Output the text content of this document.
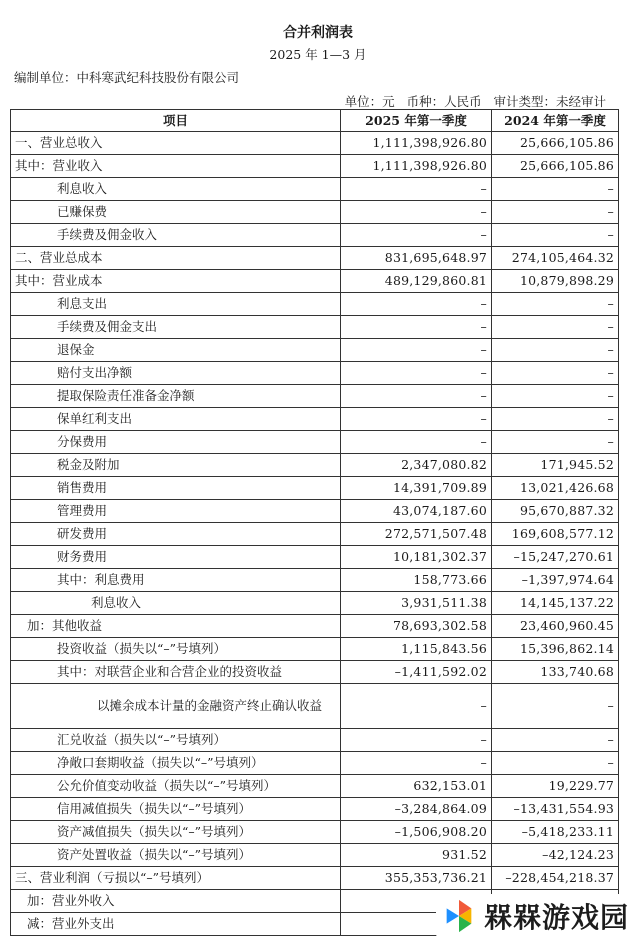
合并利润表
2025 年 1—3 月
编制单位：中科寒武纪科技股份有限公司
单位：元   币种：人民币   审计类型：未经审计
项目	2025 年第一季度	2024 年第一季度
一、营业总收入	1,111,398,926.80	25,666,105.86
其中：营业收入	1,111,398,926.80	25,666,105.86
利息收入	–	–
已赚保费	–	–
手续费及佣金收入	–	–
二、营业总成本	831,695,648.97	274,105,464.32
其中：营业成本	489,129,860.81	10,879,898.29
利息支出	–	–
手续费及佣金支出	–	–
退保金	–	–
赔付支出净额	–	–
提取保险责任准备金净额	–	–
保单红利支出	–	–
分保费用	–	–
税金及附加	2,347,080.82	171,945.52
销售费用	14,391,709.89	13,021,426.68
管理费用	43,074,187.60	95,670,887.32
研发费用	272,571,507.48	169,608,577.12
财务费用	10,181,302.37	–15,247,270.61
其中：利息费用	158,773.66	–1,397,974.64
利息收入	3,931,511.38	14,145,137.22
加：其他收益	78,693,302.58	23,460,960.45
投资收益（损失以“–”号填列）	1,115,843.56	15,396,862.14
其中：对联营企业和合营企业的投资收益	–1,411,592.02	133,740.68
以摊余成本计量的金融资产终止确认收益	–	–
汇兑收益（损失以“–”号填列）	–	–
净敞口套期收益（损失以“–”号填列）	–	–
公允价值变动收益（损失以“–”号填列）	632,153.01	19,229.77
信用减值损失（损失以“–”号填列）	–3,284,864.09	–13,431,554.93
资产减值损失（损失以“–”号填列）	–1,506,908.20	–5,418,233.11
资产处置收益（损失以“–”号填列）	931.52	–42,124.23
三、营业利润（亏损以“–”号填列）	355,353,736.21	–228,454,218.37
加：营业外收入		
减：营业外支出			槑槑游戏园
